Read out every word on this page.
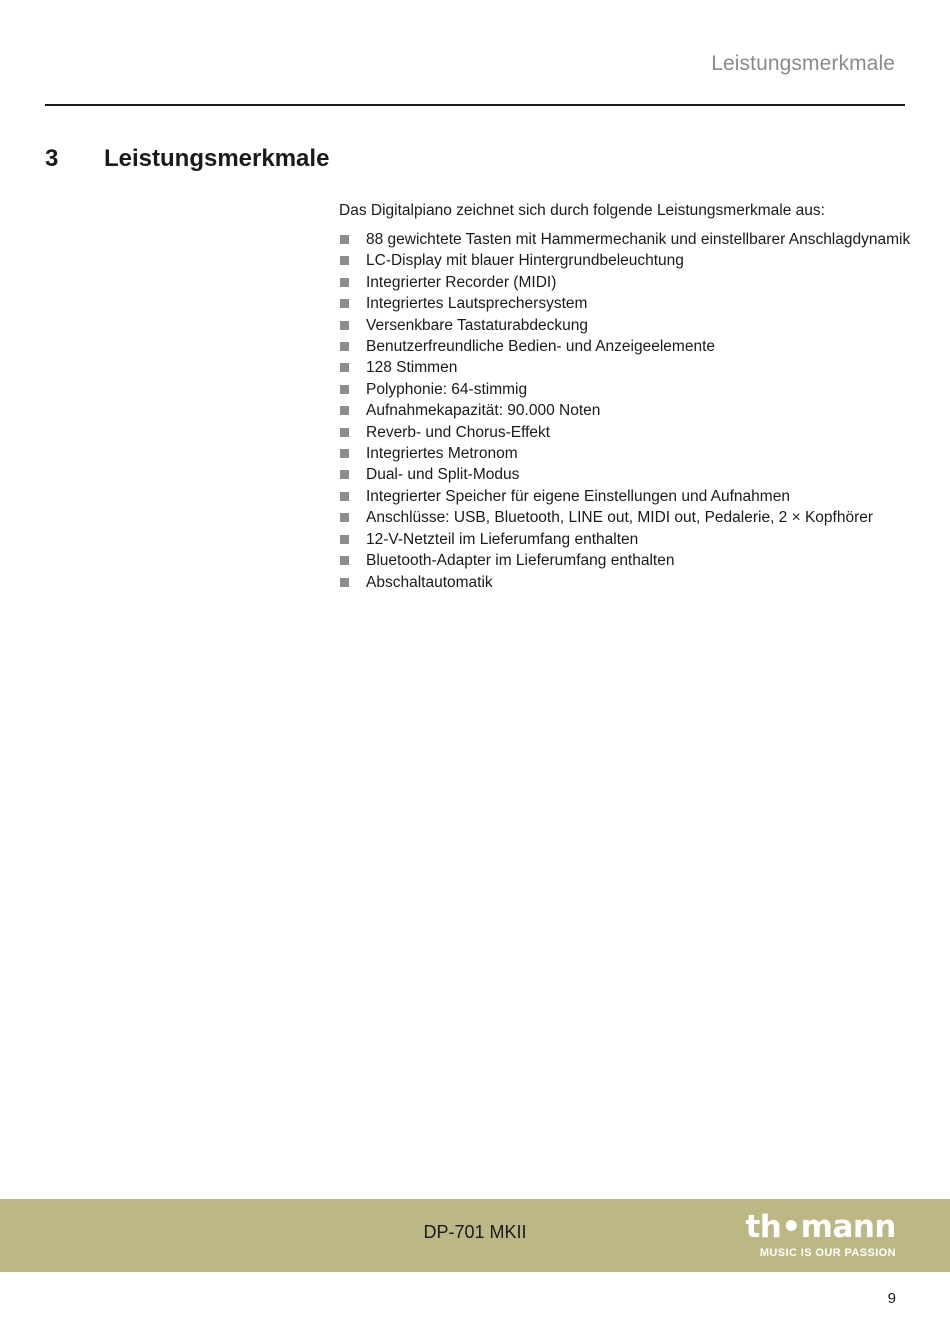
Leistungsmerkmale
3 Leistungsmerkmale

Das Digitalpiano zeichnet sich durch folgende Leistungsmerkmale aus:

88 gewichtete Tasten mit Hammermechanik und einstellbarer Anschlagdynamik
LC-Display mit blauer Hintergrundbeleuchtung
Integrierter Recorder (MIDI)
Integriertes Lautsprechersystem
Versenkbare Tastaturabdeckung
Benutzerfreundliche Bedien- und Anzeigeelemente
128 Stimmen
Polyphonie: 64-stimmig
Aufnahmekapazität: 90.000 Noten
Reverb- und Chorus-Effekt
Integriertes Metronom
Dual- und Split-Modus
Integrierter Speicher für eigene Einstellungen und Aufnahmen
Anschlüsse: USB, Bluetooth, LINE out, MIDI out, Pedalerie, 2 × Kopfhörer
12-V-Netzteil im Lieferumfang enthalten
Bluetooth-Adapter im Lieferumfang enthalten
Abschaltautomatik
DP-701 MKII	th•mann
MUSIC IS OUR PASSION
9
